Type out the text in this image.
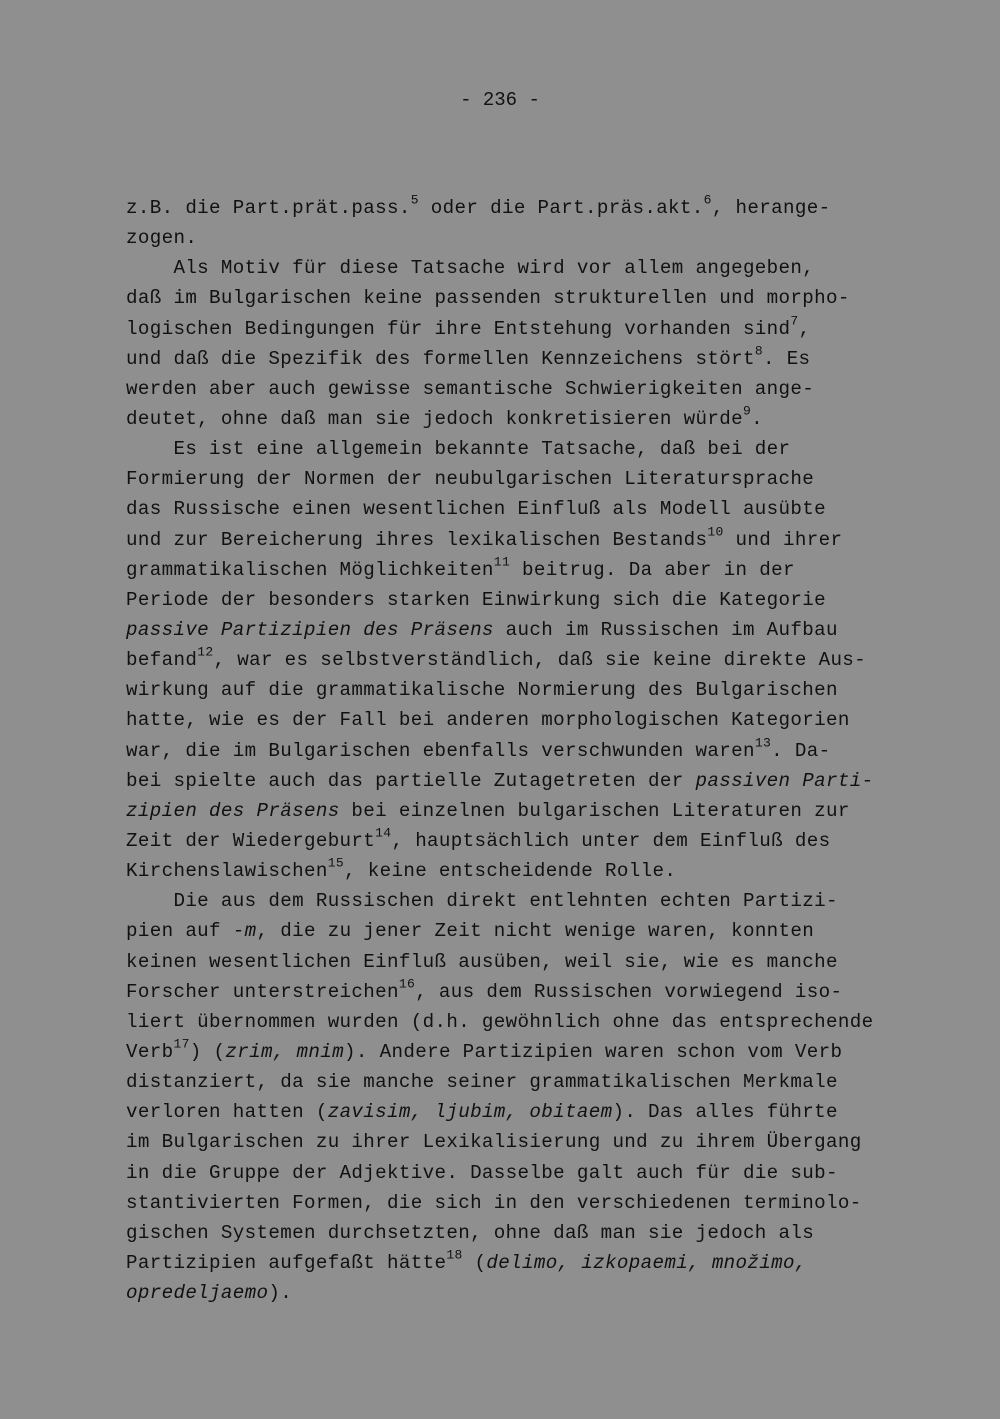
- 236 -
z.B. die Part.prät.pass.$^5$ oder die Part.präs.akt.$^6$, herange-
zogen.
Als Motiv für diese Tatsache wird vor allem angegeben,
daß im Bulgarischen keine passenden strukturellen und morpho-
logischen Bedingungen für ihre Entstehung vorhanden sind$^7$,
und daß die Spezifik des formellen Kennzeichens stört$^8$. Es
werden aber auch gewisse semantische Schwierigkeiten ange-
deutet, ohne daß man sie jedoch konkretisieren würde$^9$.
Es ist eine allgemein bekannte Tatsache, daß bei der
Formierung der Normen der neubulgarischen Literatursprache
das Russische einen wesentlichen Einfluß als Modell ausübte
und zur Bereicherung ihres lexikalischen Bestands$^{10}$ und ihrer
grammatikalischen Möglichkeiten$^{11}$ beitrug. Da aber in der
Periode der besonders starken Einwirkung sich die Kategorie
passive Partizipien des Präsens auch im Russischen im Aufbau
befand$^{12}$, war es selbstverständlich, daß sie keine direkte Aus-
wirkung auf die grammatikalische Normierung des Bulgarischen
hatte, wie es der Fall bei anderen morphologischen Kategorien
war, die im Bulgarischen ebenfalls verschwunden waren$^{13}$. Da-
bei spielte auch das partielle Zutagetreten der passiven Parti-
zipien des Präsens bei einzelnen bulgarischen Literaturen zur
Zeit der Wiedergeburt$^{14}$, hauptsächlich unter dem Einfluß des
Kirchenslawischen$^{15}$, keine entscheidende Rolle.
Die aus dem Russischen direkt entlehnten echten Partizi-
pien auf -m, die zu jener Zeit nicht wenige waren, konnten
keinen wesentlichen Einfluß ausüben, weil sie, wie es manche
Forscher unterstreichen$^{16}$, aus dem Russischen vorwiegend iso-
liert übernommen wurden (d.h. gewöhnlich ohne das entsprechende
Verb$^{17}$) (zrim, mnim). Andere Partizipien waren schon vom Verb
distanziert, da sie manche seiner grammatikalischen Merkmale
verloren hatten (zavisim, ljubim, obitaem). Das alles führte
im Bulgarischen zu ihrer Lexikalisierung und zu ihrem Übergang
in die Gruppe der Adjektive. Dasselbe galt auch für die sub-
stantivierten Formen, die sich in den verschiedenen terminolo-
gischen Systemen durchsetzten, ohne daß man sie jedoch als
Partizipien aufgefaßt hätte$^{18}$ (delimo, izkopaemi, množimo,
opredeljaemo).
